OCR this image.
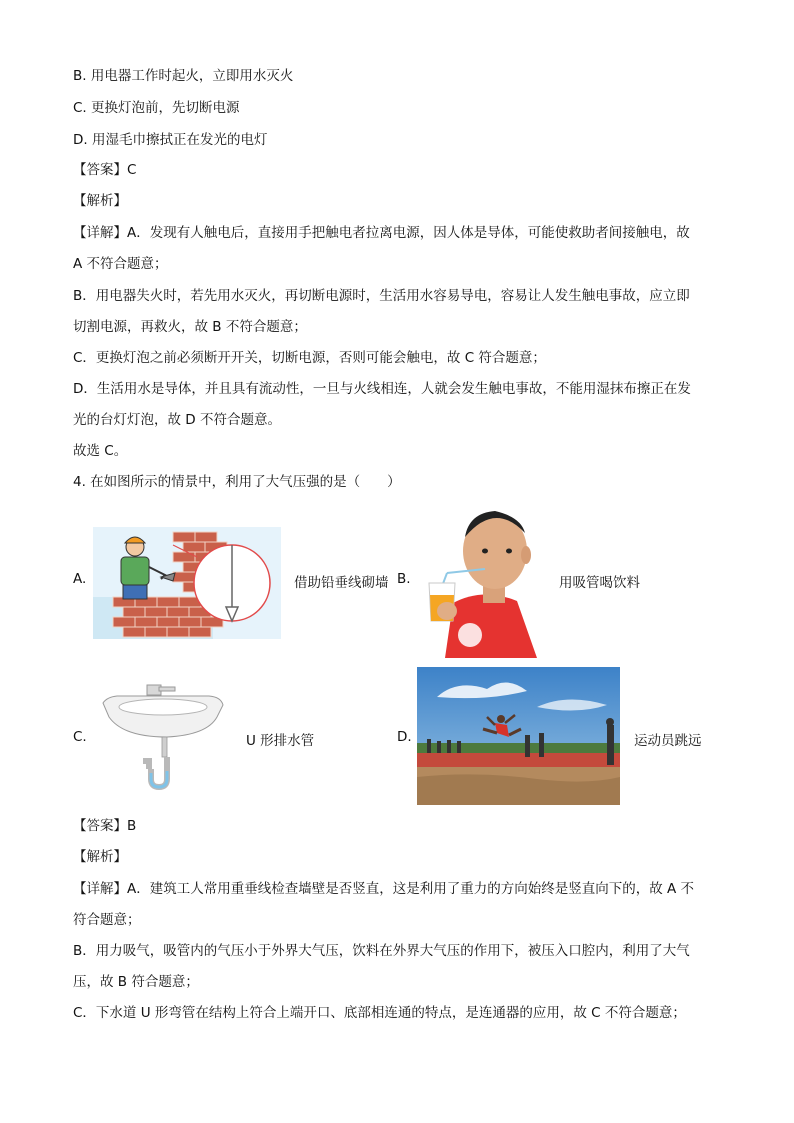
B. 用电器工作时起火，立即用水灭火
C. 更换灯泡前，先切断电源
D. 用湿毛巾擦拭正在发光的电灯
【答案】C
【解析】
【详解】A．发现有人触电后，直接用手把触电者拉离电源，因人体是导体，可能使救助者间接触电，故
A 不符合题意；
B．用电器失火时，若先用水灭火，再切断电源时，生活用水容易导电，容易让人发生触电事故，应立即
切割电源，再救火，故 B 不符合题意；
C．更换灯泡之前必须断开开关，切断电源，否则可能会触电，故 C 符合题意；
D．生活用水是导体，并且具有流动性，一旦与火线相连，人就会发生触电事故，不能用湿抹布擦正在发
光的台灯灯泡，故 D 不符合题意。
故选 C。
4. 在如图所示的情景中，利用了大气压强的是（　　）
A.	借助铅垂线砌墙 B.	用吸管喝饮料
C.	U 形排水管	D.	运动员跳远
【答案】B
【解析】
【详解】A．建筑工人常用重垂线检查墙壁是否竖直，这是利用了重力的方向始终是竖直向下的，故 A 不
符合题意；
B．用力吸气，吸管内的气压小于外界大气压，饮料在外界大气压的作用下，被压入口腔内，利用了大气
压，故 B 符合题意；
C．下水道 U 形弯管在结构上符合上端开口、底部相连通的特点，是连通器的应用，故 C 不符合题意；
